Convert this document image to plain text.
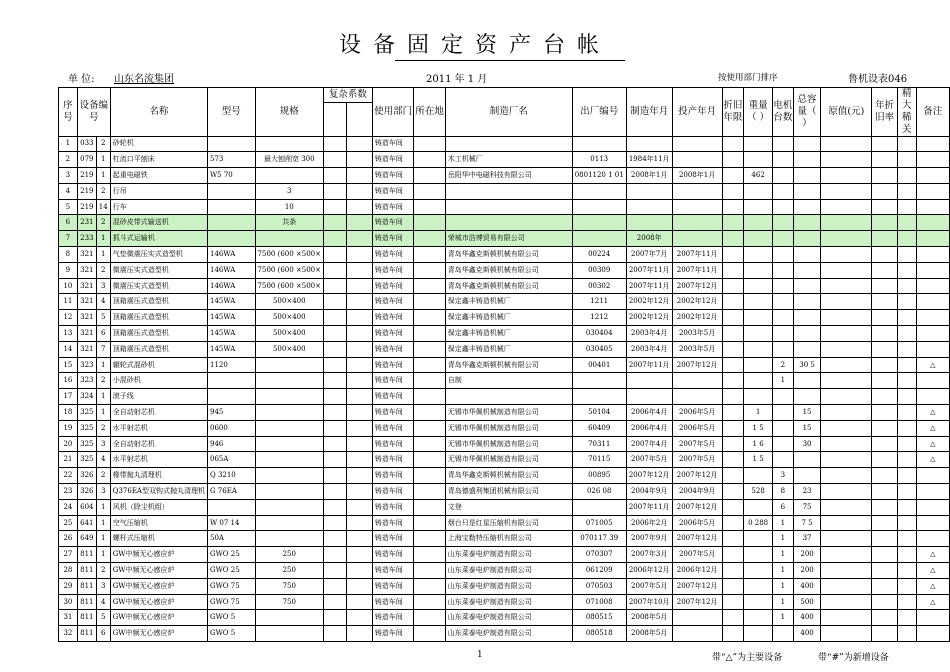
设备固定资产台帐
单 位: 山东名流集团	2011 年 1 月	按使用部门排序	鲁机设表046
序号	设备编号		名称	型号	规格	复杂系数		使用部门	所在地	制造厂名	出厂编号	制造年月	投产年月	折旧年限	重量（ ）	电机台数	总容量（ ）	原值(元)	年折旧率	精大稀关	备注

1	033	2	砂轮机					铸造车间													
2	079	1	杠流口平刨床	573	最大刨削宽 300			铸造车间		木工机械厂	0113	1984年11月									
3	219	1	起重电磁铁	W5 70				铸造车间		岳阳华中电磁科技有限公司	0801120 1 01	2008年1月	2008年1月		462						
4	219	2	行吊		3			铸造车间													
5	219	14	行车		10			铸造车间													
6	231	2	混砂皮带式输送机		共条			铸造车间													
7	233	1	抓斗式运输机					铸造车间		荣城市浩博贸易有限公司		2008年									
8	321	1	气垫微震压实式造型机	146WA	7500 (600 ×500×			铸造车间		青岛华鑫克斯顿机械有限公司	00224	2007年7月	2007年11月								
9	321	2	微震压实式造型机	146WA	7500 (600 ×500×			铸造车间		青岛华鑫克斯顿机械有限公司	00309	2007年11月	2007年11月								
10	321	3	微震压实式造型机	146WA	7500 (600 ×500×			铸造车间		青岛华鑫克斯顿机械有限公司	00302	2007年11月	2007年12月								
11	321	4	顶箱震压式造型机	145WA	500×400			铸造车间		保定鑫丰铸造机械厂	1211	2002年12月	2002年12月								
12	321	5	顶箱震压式造型机	145WA	500×400			铸造车间		保定鑫丰铸造机械厂	1212	2002年12月	2002年12月								
13	321	6	顶箱震压式造型机	145WA	500×400			铸造车间		保定鑫丰铸造机械厂	030404	2003年4月	2003年5月								
14	321	7	顶箱震压式造型机	145WA	500×400			铸造车间		保定鑫丰铸造机械厂	030405	2003年4月	2003年5月								
15	323	1	辗轮式混砂机	1120				铸造车间		青岛华鑫克斯顿机械有限公司	00401	2007年11月	2007年12月			2	30 5				△
16	323	2	小混砂机					铸造车间		自制						1					
17	324	1	滚子线					铸造车间													
18	325	1	全自动射芯机	945				铸造车间		无锡市华佩机械制造有限公司	50104	2006年4月	2006年5月		1		15				△
19	325	2	水平射芯机	0600				铸造车间		无锡市华佩机械制造有限公司	60409	2006年4月	2006年5月		1 5		15				△
20	325	3	全自动射芯机	946				铸造车间		无锡市华佩机械制造有限公司	70311	2007年4月	2007年5月		1 6		30				△
21	325	4	水平射芯机	065A				铸造车间		无锡市华佩机械制造有限公司	70115	2007年5月	2007年5月		1 5						△
22	326	2	橡带抛丸清理机	Q 3210				铸造车间		青岛华鑫克斯顿机械有限公司	00895	2007年12月	2007年12月			3					
23	326	3	Q376EA型双钩式抛丸清理机	G 76EA				铸造车间		青岛德盛利集团机械有限公司	026 08	2004年9月	2004年9月		528	8	23				
24	604	1	风机（除尘机组）					铸造车间		文登		2007年11月	2007年12月			6	75				
25	641	1	空气压缩机	W 07 14				铸造车间		烟台只是红星压缩机有限公司	071005	2006年2月	2006年5月		0 288	1	7 5				
26	649	1	螺杆式压缩机	50A				铸造车间		上海宝勒特压缩机有限公司	070117 39	2007年9月	2007年12月			1	37				
27	811	1	GW中频无心感应炉	GWO 25	250			铸造车间		山东菜泰电炉制造有限公司	070307	2007年3月	2007年5月			1	200				△
28	811	2	GW中频无心感应炉	GWO 25	250			铸造车间		山东菜泰电炉制造有限公司	061209	2006年12月	2006年12月			1	200				△
29	811	3	GW中频无心感应炉	GWO 75	750			铸造车间		山东菜泰电炉制造有限公司	070503	2007年5月	2007年12月			1	400				△
30	811	4	GW中频无心感应炉	GWO 75	750			铸造车间		山东菜泰电炉制造有限公司	071008	2007年10月	2007年12月			1	500				△
31	811	5	GW中频无心感应炉	GWO 5				铸造车间		山东菜泰电炉制造有限公司	080515	2008年5月				1	400				
32	811	6	GW中频无心感应炉	GWO 5				铸造车间		山东菜泰电炉制造有限公司	080518	2008年5月					400				
1	带“△”为主要设备	带“#”为新增设备
